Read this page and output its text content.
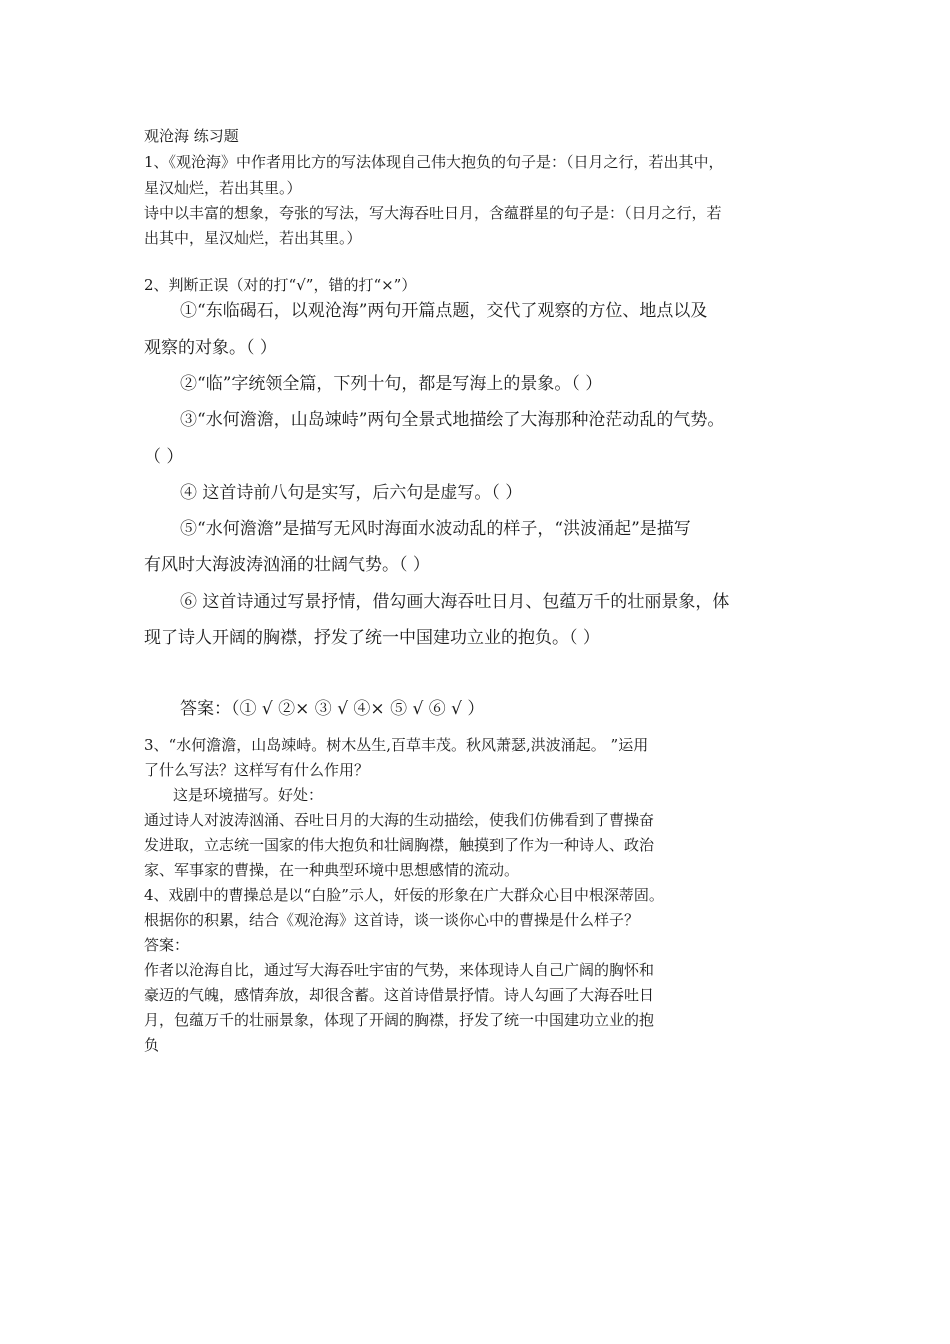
观沧海 练习题

1、《观沧海》中作者用比方的写法体现自己伟大抱负的句子是：（日月之行，若出其中，

星汉灿烂，若出其里。）

诗中以丰富的想象，夸张的写法，写大海吞吐日月，含蕴群星的句子是：（日月之行，若

出其中，星汉灿烂，若出其里。）

2、判断正误（对的打“√”，错的打“×”）

①“东临碣石，以观沧海”两句开篇点题，交代了观察的方位、地点以及

观察的对象。（ ）

②“临”字统领全篇，下列十句，都是写海上的景象。（ ）

③“水何澹澹，山岛竦峙”两句全景式地描绘了大海那种沧茫动乱的气势。

（ ）

④ 这首诗前八句是实写，后六句是虚写。（ ）

⑤“水何澹澹”是描写无风时海面水波动乱的样子，“洪波涌起”是描写

有风时大海波涛汹涌的壮阔气势。（ ）

⑥ 这首诗通过写景抒情，借勾画大海吞吐日月、包蕴万千的壮丽景象，体

现了诗人开阔的胸襟，抒发了统一中国建功立业的抱负。（ ）

答案：（① √ ②× ③ √ ④× ⑤ √ ⑥ √ ）

3、“水何澹澹，山岛竦峙。树木丛生,百草丰茂。秋风萧瑟,洪波涌起。 ”运用

了什么写法？这样写有什么作用？

这是环境描写。好处：

通过诗人对波涛汹涌、吞吐日月的大海的生动描绘，使我们仿佛看到了曹操奋

发进取，立志统一国家的伟大抱负和壮阔胸襟，触摸到了作为一种诗人、政治

家、军事家的曹操，在一种典型环境中思想感情的流动。

4、戏剧中的曹操总是以“白脸”示人，奸佞的形象在广大群众心目中根深蒂固。

根据你的积累，结合《观沧海》这首诗，谈一谈你心中的曹操是什么样子？

答案：

作者以沧海自比，通过写大海吞吐宇宙的气势，来体现诗人自己广阔的胸怀和

豪迈的气魄，感情奔放，却很含蓄。这首诗借景抒情。诗人勾画了大海吞吐日

月，包蕴万千的壮丽景象，体现了开阔的胸襟，抒发了统一中国建功立业的抱

负
